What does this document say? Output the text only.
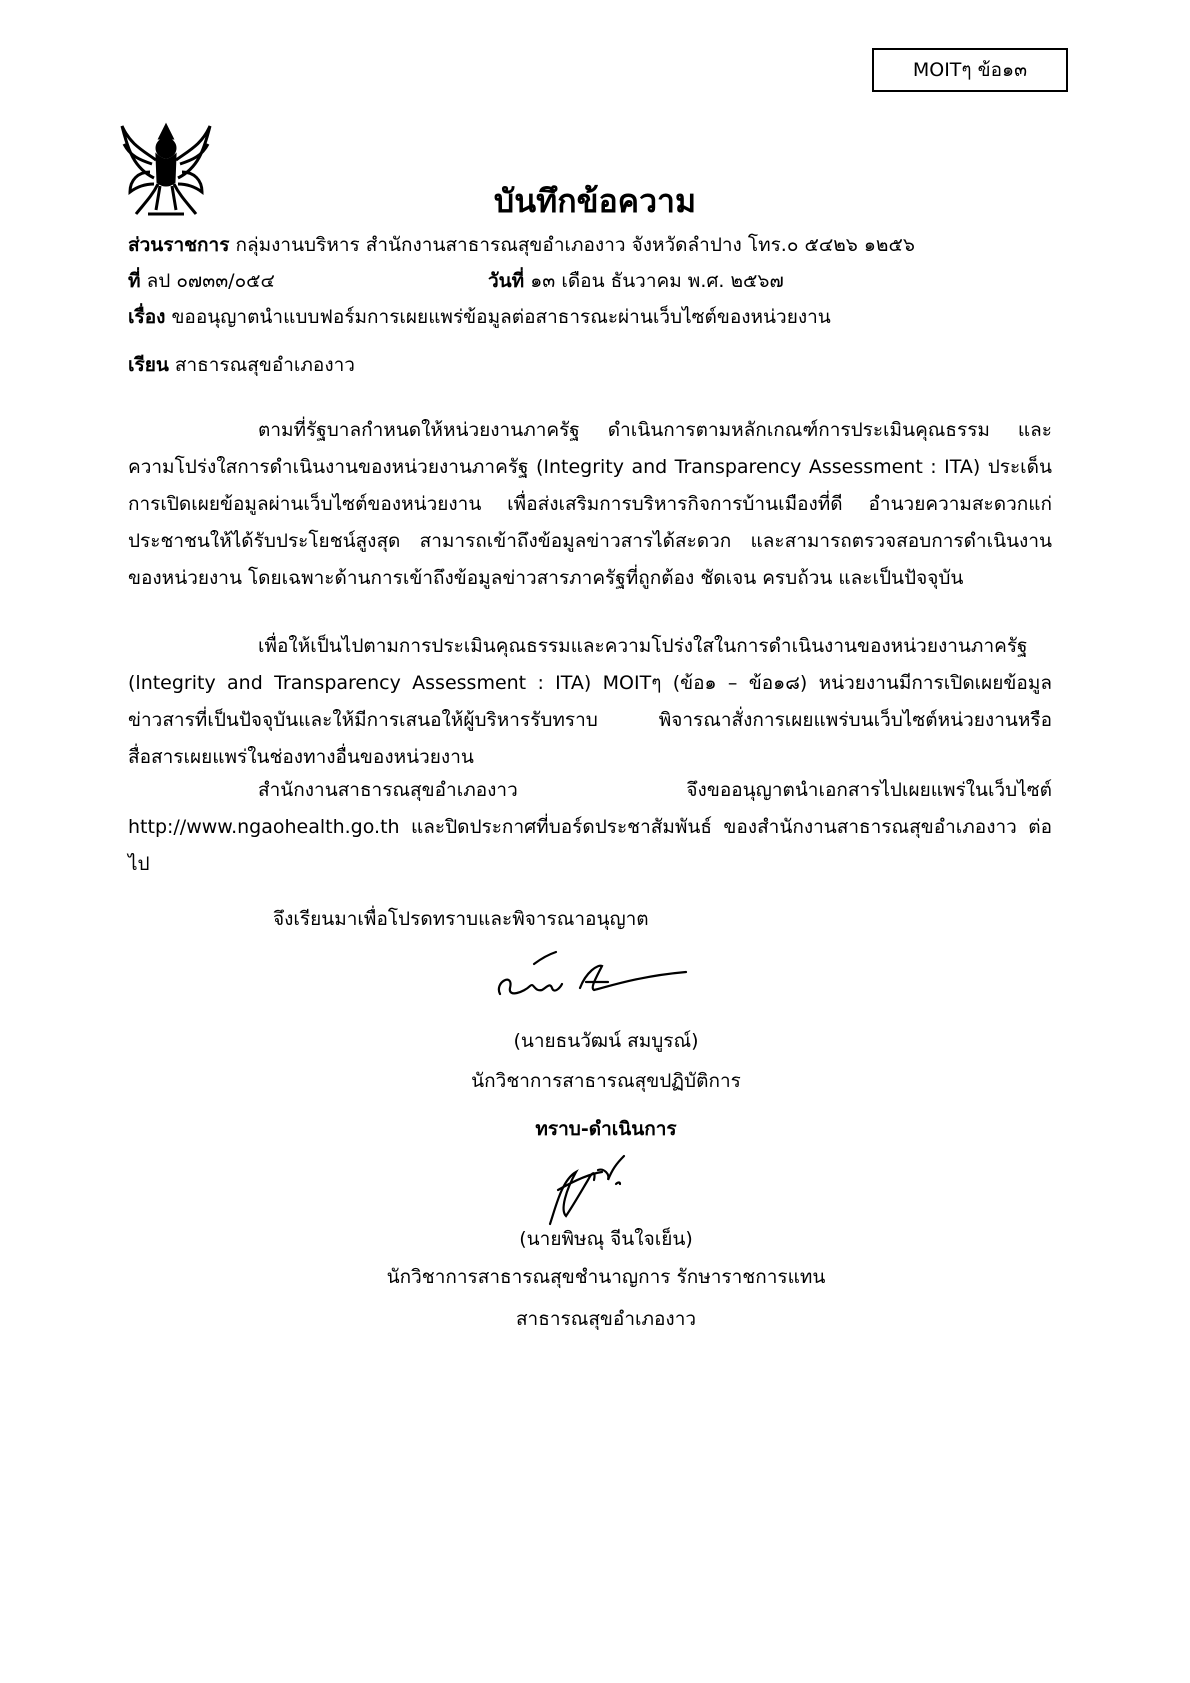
MOITๆ ข้อ๑๓
บันทึกข้อความ
ส่วนราชการ กลุ่มงานบริหาร สำนักงานสาธารณสุขอำเภองาว จังหวัดลำปาง โทร.๐ ๕๔๒๖ ๑๒๕๖
ที่ ลป ๐๗๓๓/๐๕๔	วันที่ ๑๓ เดือน ธันวาคม พ.ศ. ๒๕๖๗
เรื่อง ขออนุญาตนำแบบฟอร์มการเผยแพร่ข้อมูลต่อสาธารณะผ่านเว็บไซต์ของหน่วยงาน
เรียน สาธารณสุขอำเภองาว

ตามที่รัฐบาลกำหนดให้หน่วยงานภาครัฐ ดำเนินการตามหลักเกณฑ์การประเมินคุณธรรม และความโปร่งใสการดำเนินงานของหน่วยงานภาครัฐ (Integrity and Transparency Assessment : ITA) ประเด็นการเปิดเผยข้อมูลผ่านเว็บไซต์ของหน่วยงาน เพื่อส่งเสริมการบริหารกิจการบ้านเมืองที่ดี อำนวยความสะดวกแก่ประชาชนให้ได้รับประโยชน์สูงสุด สามารถเข้าถึงข้อมูลข่าวสารได้สะดวก และสามารถตรวจสอบการดำเนินงานของหน่วยงาน โดยเฉพาะด้านการเข้าถึงข้อมูลข่าวสารภาครัฐที่ถูกต้อง ชัดเจน ครบถ้วน และเป็นปัจจุบัน

เพื่อให้เป็นไปตามการประเมินคุณธรรมและความโปร่งใสในการดำเนินงานของหน่วยงานภาครัฐ (lntegrity and Transparency Assessment : ITA) MOITๆ (ข้อ๑ – ข้อ๑๘) หน่วยงานมีการเปิดเผยข้อมูลข่าวสารที่เป็นปัจจุบันและให้มีการเสนอให้ผู้บริหารรับทราบ พิจารณาสั่งการเผยแพร่บนเว็บไซต์หน่วยงานหรือสื่อสารเผยแพร่ในช่องทางอื่นของหน่วยงาน

สำนักงานสาธารณสุขอำเภองาว จึงขออนุญาตนำเอกสารไปเผยแพร่ในเว็บไซต์ http://www.ngaohealth.go.th และปิดประกาศที่บอร์ดประชาสัมพันธ์ ของสำนักงานสาธารณสุขอำเภองาว ต่อไป

จึงเรียนมาเพื่อโปรดทราบและพิจารณาอนุญาต
(นายธนวัฒน์ สมบูรณ์)
นักวิชาการสาธารณสุขปฏิบัติการ
ทราบ-ดำเนินการ
(นายพิษณุ จีนใจเย็น)
นักวิชาการสาธารณสุขชำนาญการ รักษาราชการแทน
สาธารณสุขอำเภองาว
